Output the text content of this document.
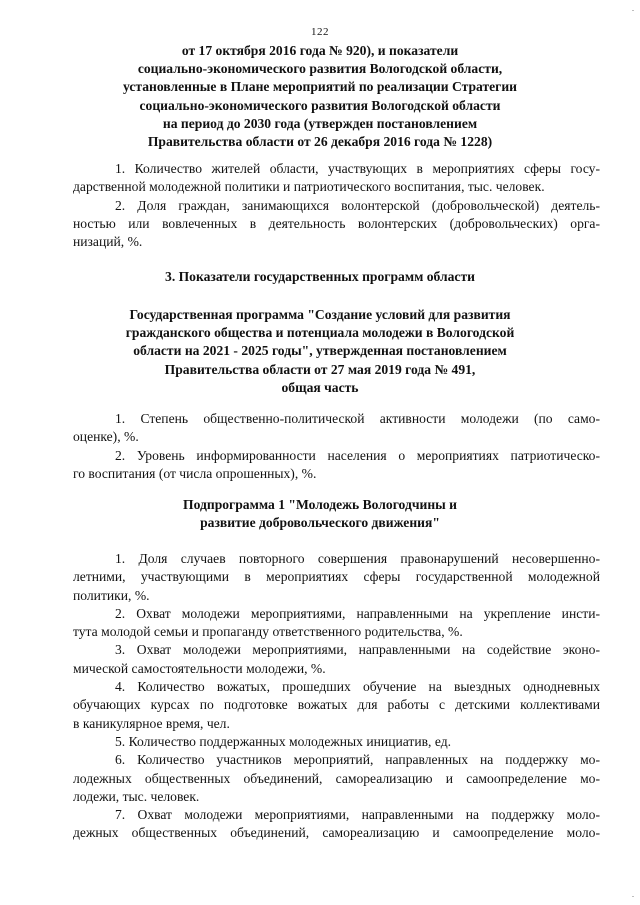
122
от 17 октября 2016 года № 920), и показатели
социально-экономического развития Вологодской области,
установленные в Плане мероприятий по реализации Стратегии
социально-экономического развития Вологодской области
на период до 2030 года (утвержден постановлением
Правительства области от 26 декабря 2016 года № 1228)
1. Количество жителей области, участвующих в мероприятиях сферы госу-
дарственной молодежной политики и патриотического воспитания, тыс. человек.
2. Доля граждан, занимающихся волонтерской (добровольческой) деятель-
ностью или вовлеченных в деятельность волонтерских (добровольческих) орга-
низаций, %.
3. Показатели государственных программ области
Государственная программа "Создание условий для развития
гражданского общества и потенциала молодежи в Вологодской
области на 2021 - 2025 годы", утвержденная постановлением
Правительства области от 27 мая 2019 года № 491,
общая часть
1. Степень общественно-политической активности молодежи (по само-
оценке), %.
2. Уровень информированности населения о мероприятиях патриотическо-
го воспитания (от числа опрошенных), %.
Подпрограмма 1 "Молодежь Вологодчины и
развитие добровольческого движения"
1. Доля случаев повторного совершения правонарушений несовершенно-
летними, участвующими в мероприятиях сферы государственной молодежной
политики, %.
2. Охват молодежи мероприятиями, направленными на укрепление инсти-
тута молодой семьи и пропаганду ответственного родительства, %.
3. Охват молодежи мероприятиями, направленными на содействие эконо-
мической самостоятельности молодежи, %.
4. Количество вожатых, прошедших обучение на выездных однодневных
обучающих курсах по подготовке вожатых для работы с детскими коллективами
в каникулярное время, чел.
5. Количество поддержанных молодежных инициатив, ед.
6. Количество участников мероприятий, направленных на поддержку мо-
лодежных общественных объединений, самореализацию и самоопределение мо-
лодежи, тыс. человек.
7. Охват молодежи мероприятиями, направленными на поддержку моло-
дежных общественных объединений, самореализацию и самоопределение моло-
.
.
